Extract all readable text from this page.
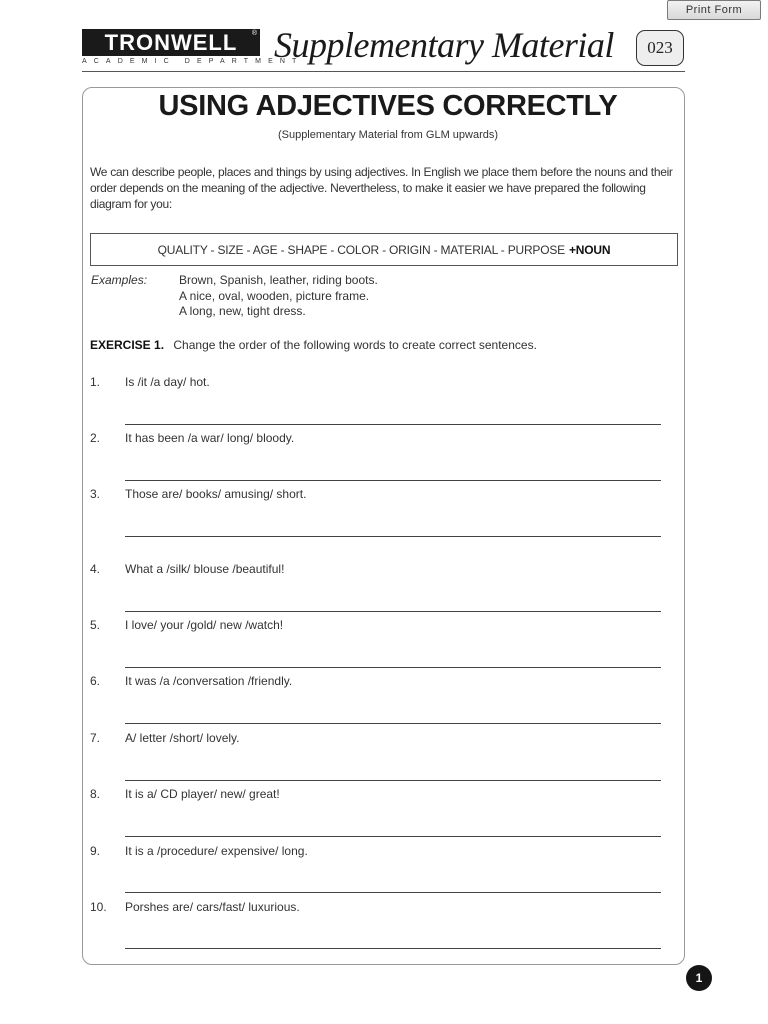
Print Form
TRONWELL ®
ACADEMIC DEPARTMENT
Supplementary Material	023
USING ADJECTIVES CORRECTLY
(Supplementary Material from GLM upwards)
We can describe people, places and things by using adjectives. In English we place them before the nouns and their order depends on the meaning of the adjective. Nevertheless, to make it easier we have prepared the following diagram for you:
QUALITY - SIZE - AGE - SHAPE - COLOR - ORIGIN - MATERIAL - PURPOSE +NOUN
Examples:	Brown, Spanish, leather, riding boots.
A nice, oval, wooden, picture frame.
A long, new, tight dress.
EXERCISE 1. Change the order of the following words to create correct sentences.
1. Is /it /a day/ hot.
2. It has been /a war/ long/ bloody.
3. Those are/ books/ amusing/ short.
4. What a /silk/ blouse /beautiful!
5. I love/ your /gold/ new /watch!
6. It was /a /conversation /friendly.
7. A/ letter /short/ lovely.
8. It is a/ CD player/ new/ great!
9. It is a /procedure/ expensive/ long.
10. Porshes are/ cars/fast/ luxurious.
1
